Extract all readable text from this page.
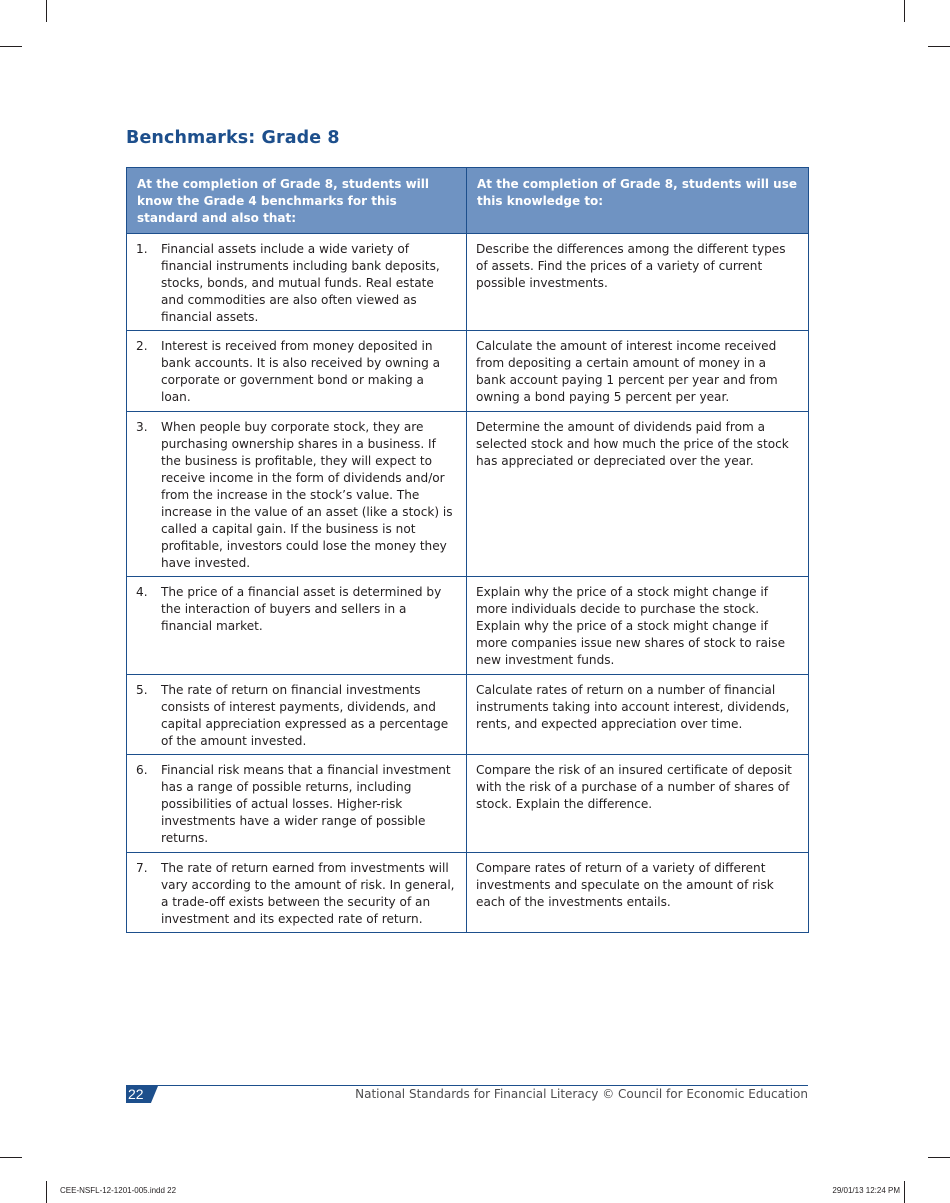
Benchmarks: Grade 8
At the completion of Grade 8, students will know the Grade 4 benchmarks for this standard and also that:	At the completion of Grade 8, students will use this knowledge to:

1. Financial assets include a wide variety of financial instruments including bank deposits, stocks, bonds, and mutual funds. Real estate and commodities are also often viewed as financial assets.	Describe the differences among the different types of assets. Find the prices of a variety of current possible investments.

2. Interest is received from money deposited in bank accounts. It is also received by owning a corporate or government bond or making a loan.	Calculate the amount of interest income received from depositing a certain amount of money in a bank account paying 1 percent per year and from owning a bond paying 5 percent per year.

3. When people buy corporate stock, they are purchasing ownership shares in a business. If the business is profitable, they will expect to receive income in the form of dividends and/or from the increase in the stock’s value. The increase in the value of an asset (like a stock) is called a capital gain. If the business is not profitable, investors could lose the money they have invested.	Determine the amount of dividends paid from a selected stock and how much the price of the stock has appreciated or depreciated over the year.

4. The price of a financial asset is determined by the interaction of buyers and sellers in a financial market.	Explain why the price of a stock might change if more individuals decide to purchase the stock. Explain why the price of a stock might change if more companies issue new shares of stock to raise new investment funds.

5. The rate of return on financial investments consists of interest payments, dividends, and capital appreciation expressed as a percentage of the amount invested.	Calculate rates of return on a number of financial instruments taking into account interest, dividends, rents, and expected appreciation over time.

6. Financial risk means that a financial investment has a range of possible returns, including possibilities of actual losses. Higher-risk investments have a wider range of possible returns.	Compare the risk of an insured certificate of deposit with the risk of a purchase of a number of shares of stock. Explain the difference.

7. The rate of return earned from investments will vary according to the amount of risk. In general, a trade-off exists between the security of an investment and its expected rate of return.	Compare rates of return of a variety of different investments and speculate on the amount of risk each of the investments entails.
22	National Standards for Financial Literacy © Council for Economic Education
CEE-NSFL-12-1201-005.indd 22	29/01/13 12:24 PM
